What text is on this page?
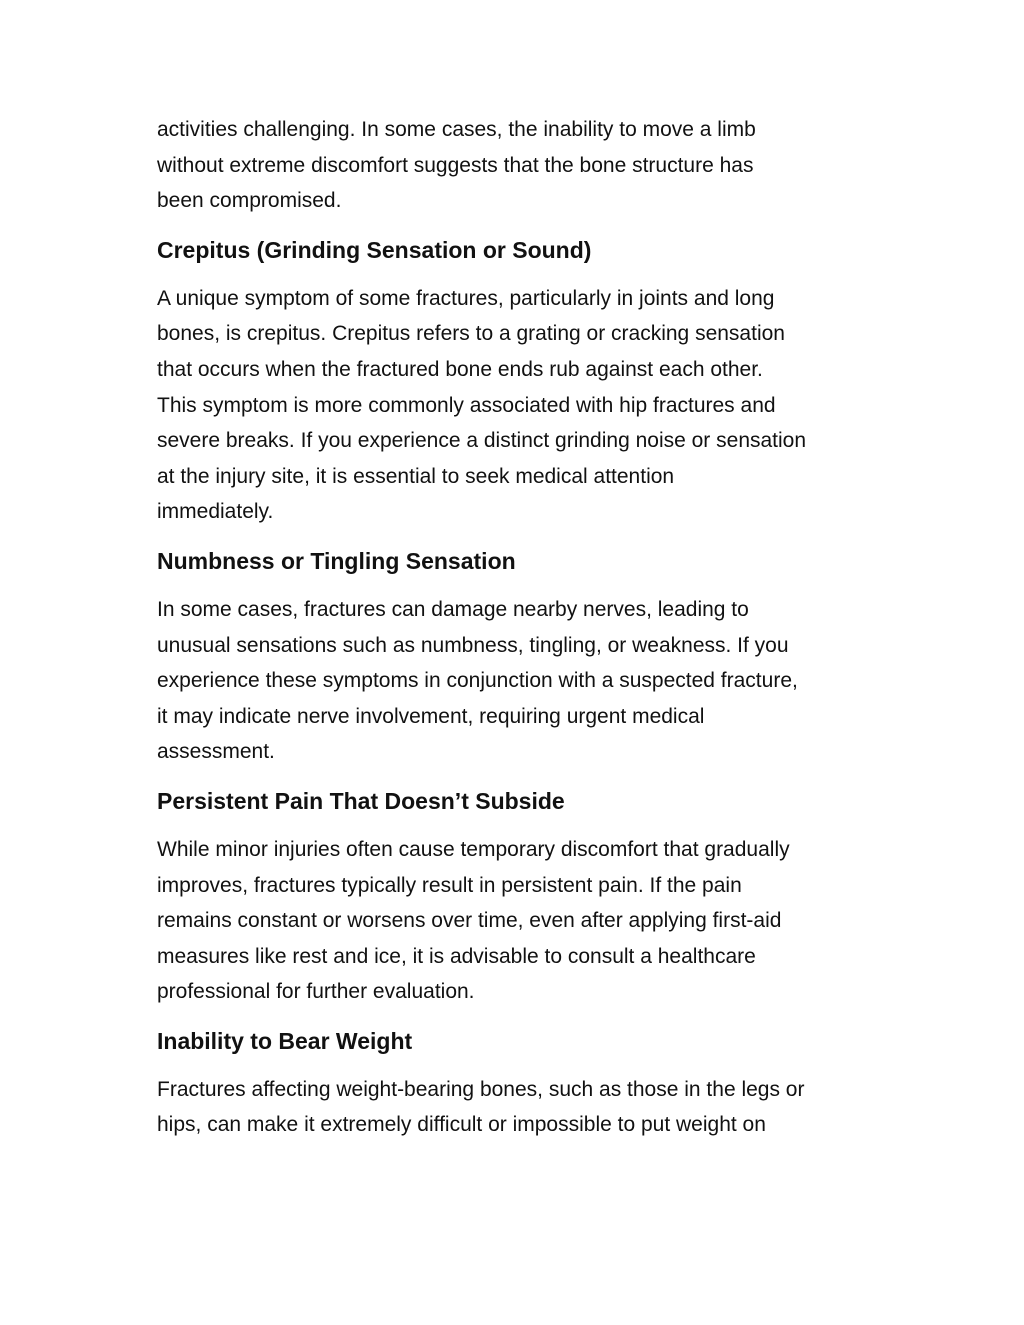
activities challenging. In some cases, the inability to move a limb
without extreme discomfort suggests that the bone structure has
been compromised.

Crepitus (Grinding Sensation or Sound)

A unique symptom of some fractures, particularly in joints and long
bones, is crepitus. Crepitus refers to a grating or cracking sensation
that occurs when the fractured bone ends rub against each other.
This symptom is more commonly associated with hip fractures and
severe breaks. If you experience a distinct grinding noise or sensation
at the injury site, it is essential to seek medical attention
immediately.

Numbness or Tingling Sensation

In some cases, fractures can damage nearby nerves, leading to
unusual sensations such as numbness, tingling, or weakness. If you
experience these symptoms in conjunction with a suspected fracture,
it may indicate nerve involvement, requiring urgent medical
assessment.

Persistent Pain That Doesn’t Subside

While minor injuries often cause temporary discomfort that gradually
improves, fractures typically result in persistent pain. If the pain
remains constant or worsens over time, even after applying first-aid
measures like rest and ice, it is advisable to consult a healthcare
professional for further evaluation.

Inability to Bear Weight

Fractures affecting weight-bearing bones, such as those in the legs or
hips, can make it extremely difficult or impossible to put weight on
